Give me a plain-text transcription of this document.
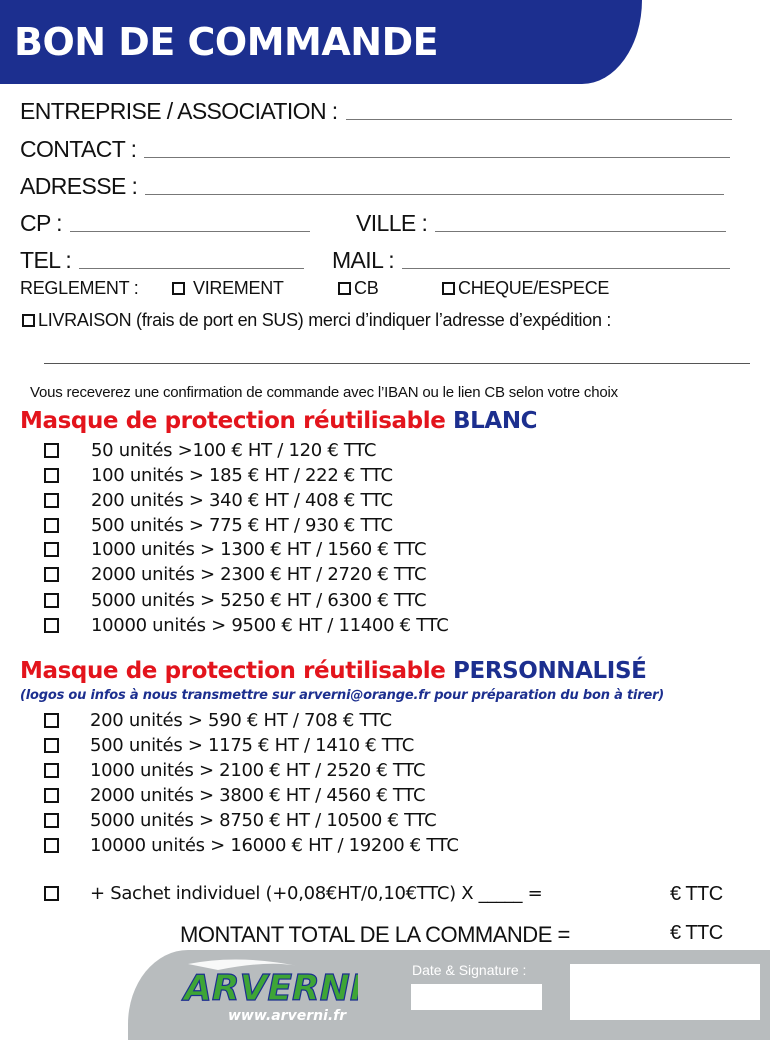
BON DE COMMANDE
ENTREPRISE / ASSOCIATION :
CONTACT :
ADRESSE :
CP :	VILLE :
TEL :	MAIL :
REGLEMENT :	VIREMENT	CB	CHEQUE/ESPECE
LIVRAISON (frais de port en SUS) merci d’indiquer l’adresse d’expédition :
Vous receverez une confirmation de commande avec l’IBAN ou le lien CB selon votre choix
Masque de protection réutilisable BLANC
50 unités >100 € HT / 120 € TTC
100 unités > 185 € HT / 222 € TTC
200 unités > 340 € HT / 408 € TTC
500 unités > 775 € HT / 930 € TTC
1000 unités > 1300 € HT / 1560 € TTC
2000 unités > 2300 € HT / 2720 € TTC
5000 unités > 5250 € HT / 6300 € TTC
10000 unités > 9500 € HT / 11400 € TTC
Masque de protection réutilisable PERSONNALISÉ
(logos ou infos à nous transmettre sur arverni@orange.fr pour préparation du bon à tirer)
200 unités > 590 € HT / 708 € TTC
500 unités > 1175 € HT / 1410 € TTC
1000 unités > 2100 € HT / 2520 € TTC
2000 unités > 3800 € HT / 4560 € TTC
5000 unités > 8750 € HT / 10500 € TTC
10000 unités > 16000 € HT / 19200 € TTC
+ Sachet individuel (+0,08€HT/0,10€TTC) X _____ =	€ TTC
MONTANT TOTAL DE LA COMMANDE =	€ TTC
ARVERNI
www.arverni.fr
Date & Signature :
